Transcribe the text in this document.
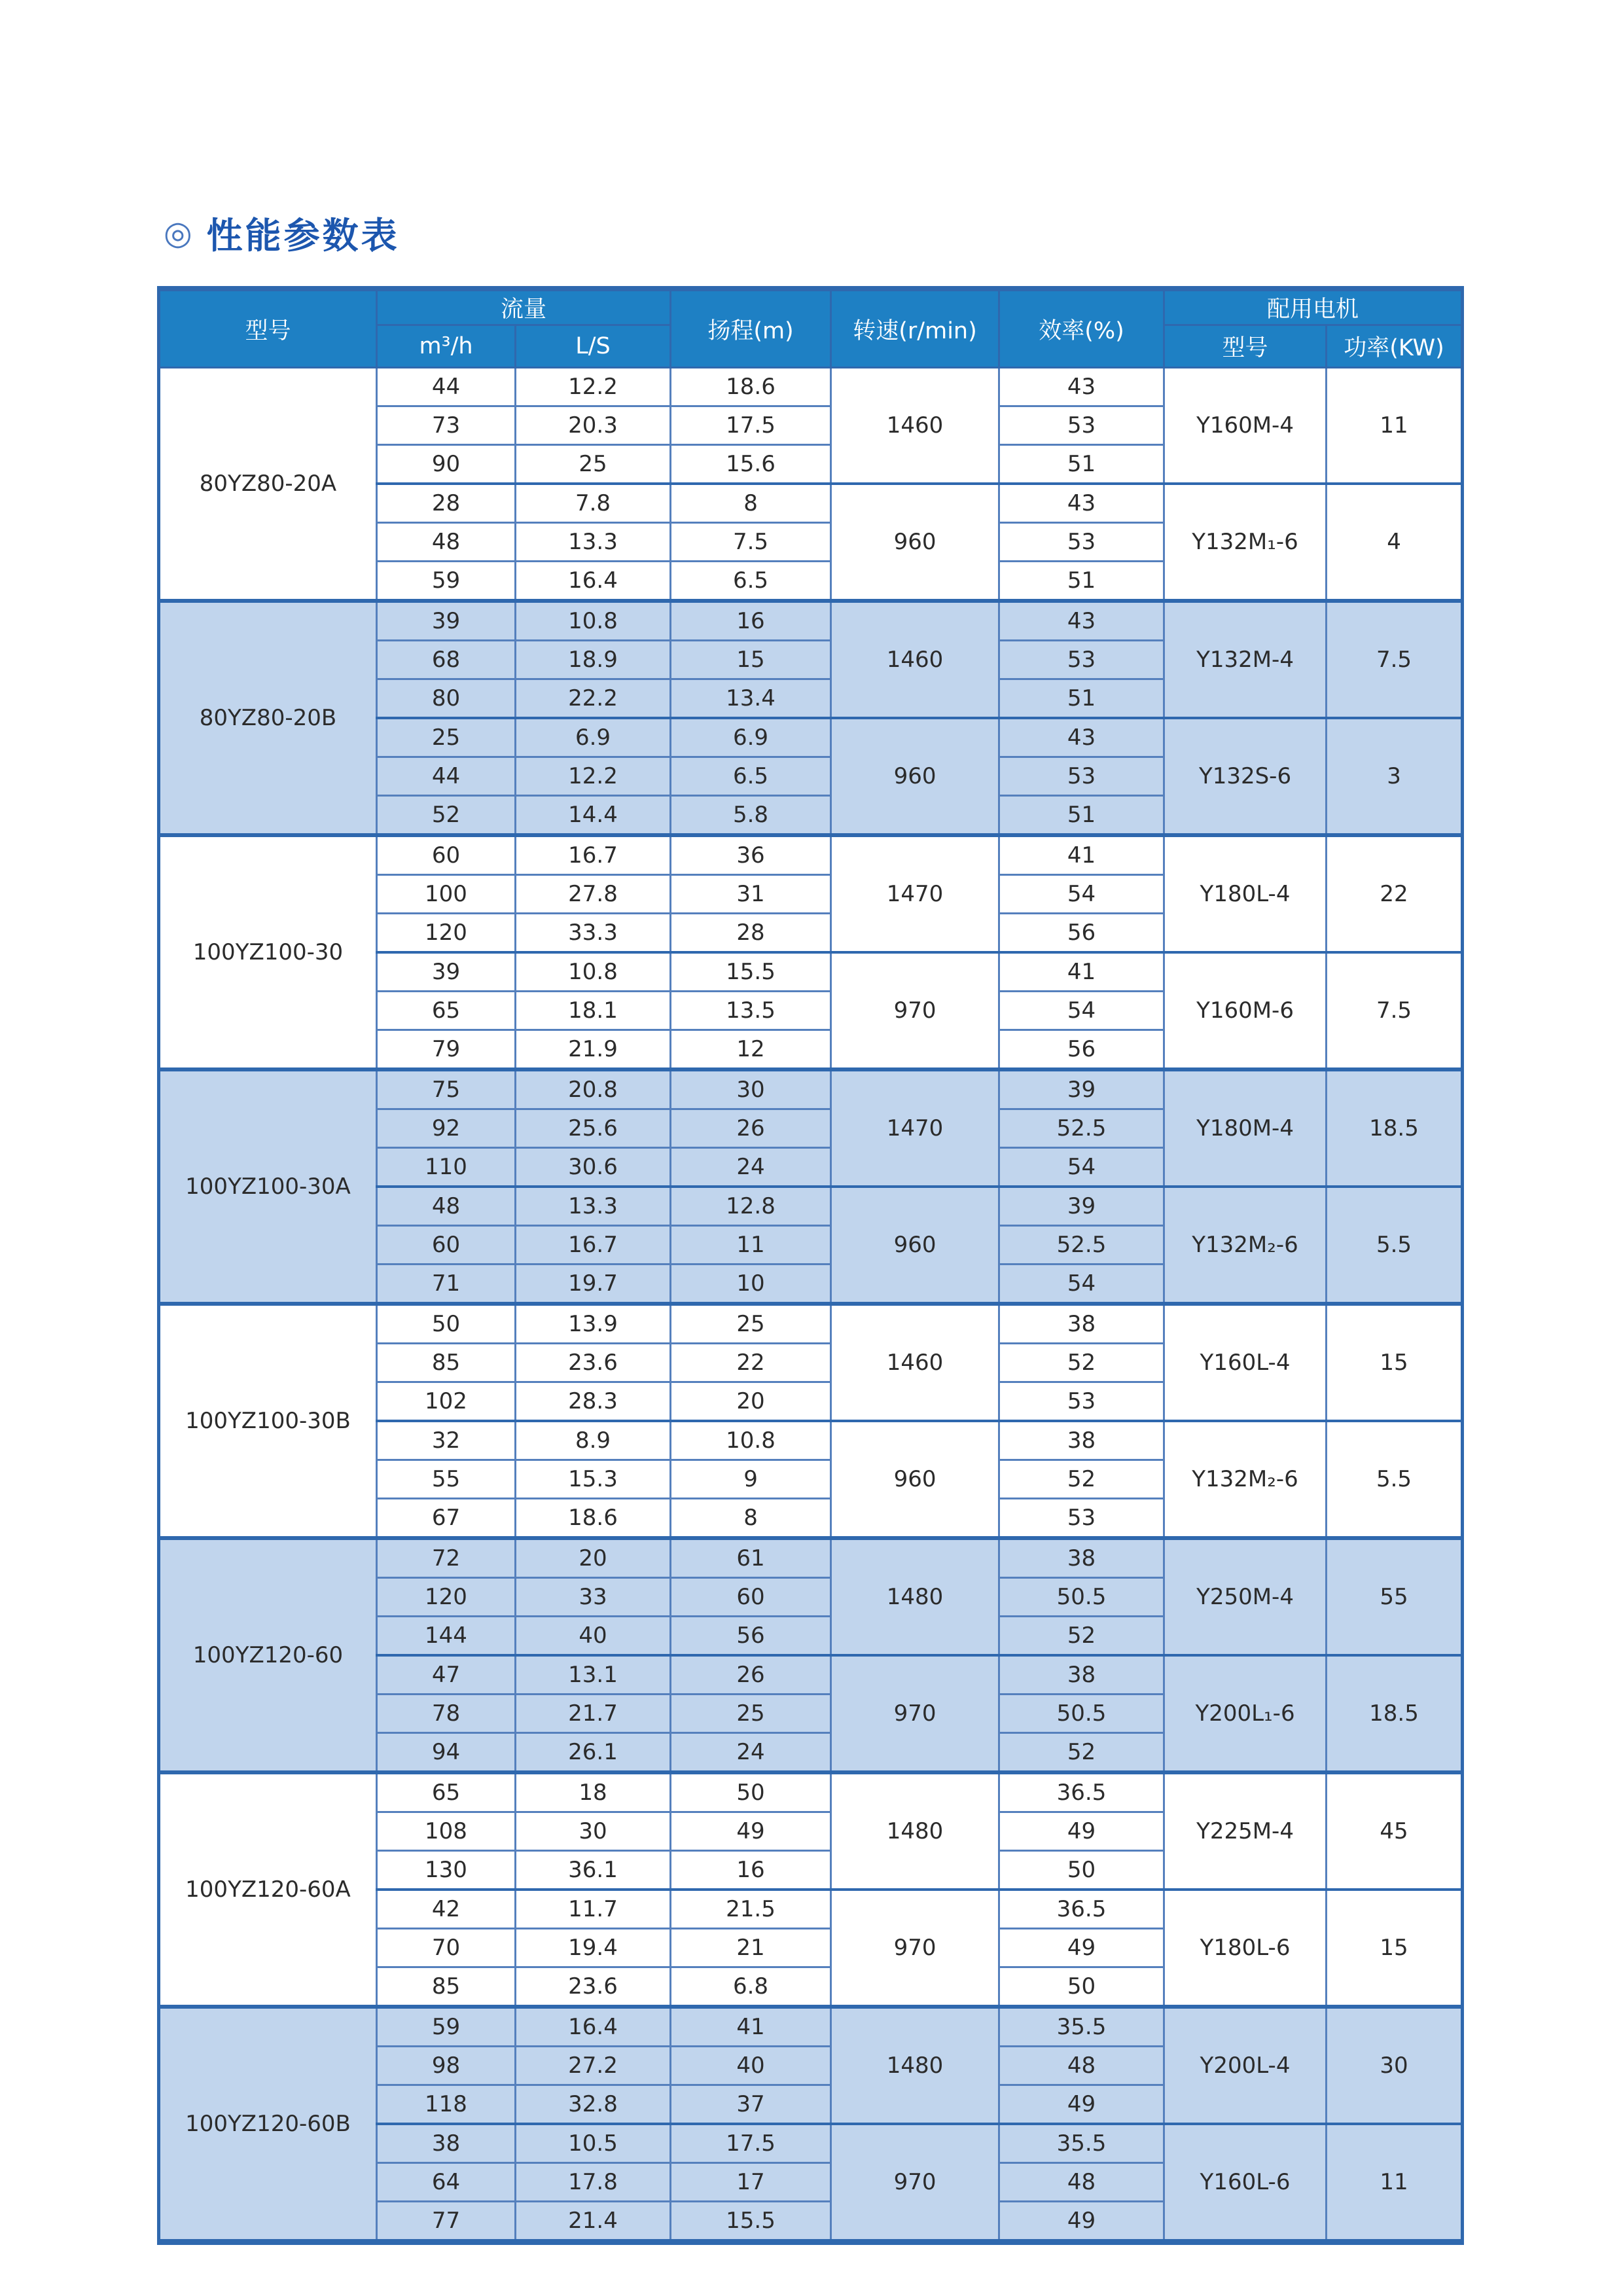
◎ 性能参数表
型号	流量		扬程(m)	转速(r/min)	效率(%)	配用电机	
	m³/h	L/S				型号	功率(KW)
80YZ80-20A	44	12.2	18.6	1460	43	Y160M-4	11
	73	20.3	17.5		53		
	90	25	15.6		51		
	28	7.8	8	960	43	Y132M₁-6	4
	48	13.3	7.5		53		
	59	16.4	6.5		51		
80YZ80-20B	39	10.8	16	1460	43	Y132M-4	7.5
	68	18.9	15		53		
	80	22.2	13.4		51		
	25	6.9	6.9	960	43	Y132S-6	3
	44	12.2	6.5		53		
	52	14.4	5.8		51		
100YZ100-30	60	16.7	36	1470	41	Y180L-4	22
	100	27.8	31		54		
	120	33.3	28		56		
	39	10.8	15.5	970	41	Y160M-6	7.5
	65	18.1	13.5		54		
	79	21.9	12		56		
100YZ100-30A	75	20.8	30	1470	39	Y180M-4	18.5
	92	25.6	26		52.5		
	110	30.6	24		54		
	48	13.3	12.8	960	39	Y132M₂-6	5.5
	60	16.7	11		52.5		
	71	19.7	10		54		
100YZ100-30B	50	13.9	25	1460	38	Y160L-4	15
	85	23.6	22		52		
	102	28.3	20		53		
	32	8.9	10.8	960	38	Y132M₂-6	5.5
	55	15.3	9		52		
	67	18.6	8		53		
100YZ120-60	72	20	61	1480	38	Y250M-4	55
	120	33	60		50.5		
	144	40	56		52		
	47	13.1	26	970	38	Y200L₁-6	18.5
	78	21.7	25		50.5		
	94	26.1	24		52		
100YZ120-60A	65	18	50	1480	36.5	Y225M-4	45
	108	30	49		49		
	130	36.1	16		50		
	42	11.7	21.5	970	36.5	Y180L-6	15
	70	19.4	21		49		
	85	23.6	6.8		50		
100YZ120-60B	59	16.4	41	1480	35.5	Y200L-4	30
	98	27.2	40		48		
	118	32.8	37		49		
	38	10.5	17.5	970	35.5	Y160L-6	11
	64	17.8	17		48		
	77	21.4	15.5		49		
